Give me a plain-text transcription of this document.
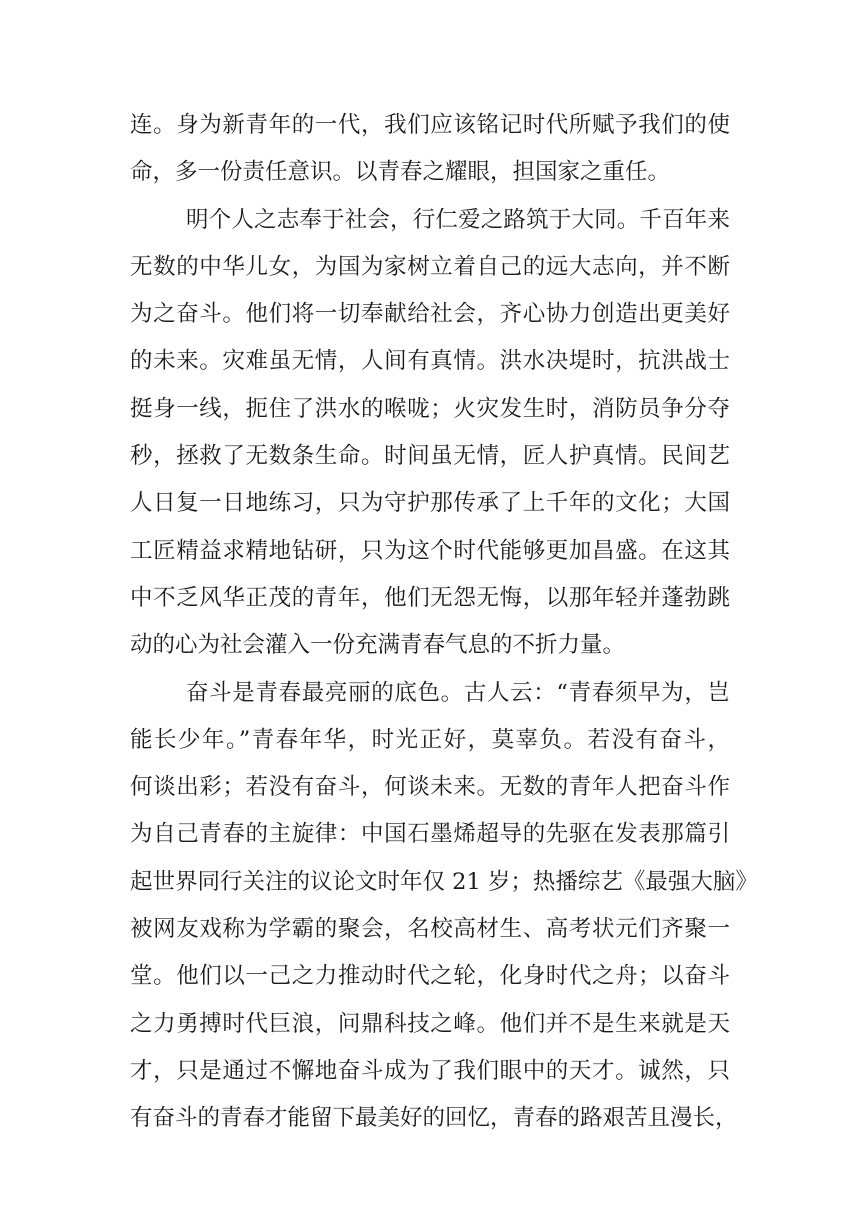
连。身为新青年的一代，我们应该铭记时代所赋予我们的使
命，多一份责任意识。以青春之耀眼，担国家之重任。
明个人之志奉于社会，行仁爱之路筑于大同。千百年来
无数的中华儿女，为国为家树立着自己的远大志向，并不断
为之奋斗。他们将一切奉献给社会，齐心协力创造出更美好
的未来。灾难虽无情，人间有真情。洪水决堤时，抗洪战士
挺身一线，扼住了洪水的喉咙；火灾发生时，消防员争分夺
秒，拯救了无数条生命。时间虽无情，匠人护真情。民间艺
人日复一日地练习，只为守护那传承了上千年的文化；大国
工匠精益求精地钻研，只为这个时代能够更加昌盛。在这其
中不乏风华正茂的青年，他们无怨无悔，以那年轻并蓬勃跳
动的心为社会灌入一份充满青春气息的不折力量。
奋斗是青春最亮丽的底色。古人云：“青春须早为，岂
能长少年。”青春年华，时光正好，莫辜负。若没有奋斗，
何谈出彩；若没有奋斗，何谈未来。无数的青年人把奋斗作
为自己青春的主旋律：中国石墨烯超导的先驱在发表那篇引
起世界同行关注的议论文时年仅 21 岁；热播综艺《最强大脑》
被网友戏称为学霸的聚会，名校高材生、高考状元们齐聚一
堂。他们以一己之力推动时代之轮，化身时代之舟；以奋斗
之力勇搏时代巨浪，问鼎科技之峰。他们并不是生来就是天
才，只是通过不懈地奋斗成为了我们眼中的天才。诚然，只
有奋斗的青春才能留下最美好的回忆，青春的路艰苦且漫长，
